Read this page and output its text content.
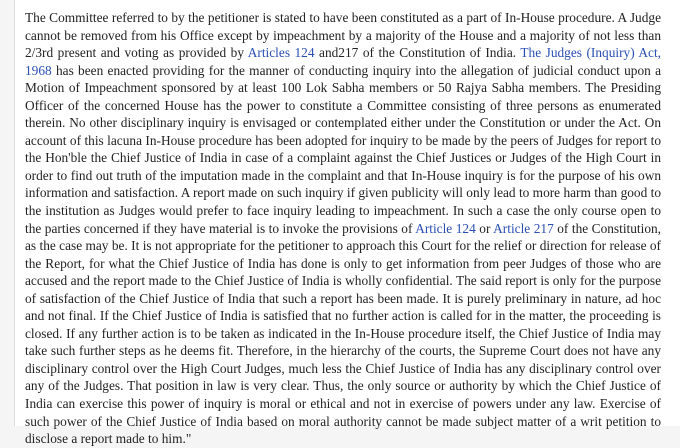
The Committee referred to by the petitioner is stated to have been constituted as a part of In-House procedure. A Judge cannot be removed from his Office except by impeachment by a majority of the House and a majority of not less than 2/3rd present and voting as provided by Articles 124 and217 of the Constitution of India. The Judges (Inquiry) Act, 1968 has been enacted providing for the manner of conducting inquiry into the allegation of judicial conduct upon a Motion of Impeachment sponsored by at least 100 Lok Sabha members or 50 Rajya Sabha members. The Presiding Officer of the concerned House has the power to constitute a Committee consisting of three persons as enumerated therein. No other disciplinary inquiry is envisaged or contemplated either under the Constitution or under the Act. On account of this lacuna In-House procedure has been adopted for inquiry to be made by the peers of Judges for report to the Hon'ble the Chief Justice of India in case of a complaint against the Chief Justices or Judges of the High Court in order to find out truth of the imputation made in the complaint and that In-House inquiry is for the purpose of his own information and satisfaction. A report made on such inquiry if given publicity will only lead to more harm than good to the institution as Judges would prefer to face inquiry leading to impeachment. In such a case the only course open to the parties concerned if they have material is to invoke the provisions of Article 124 or Article 217 of the Constitution, as the case may be. It is not appropriate for the petitioner to approach this Court for the relief or direction for release of the Report, for what the Chief Justice of India has done is only to get information from peer Judges of those who are accused and the report made to the Chief Justice of India is wholly confidential. The said report is only for the purpose of satisfaction of the Chief Justice of India that such a report has been made. It is purely preliminary in nature, ad hoc and not final. If the Chief Justice of India is satisfied that no further action is called for in the matter, the proceeding is closed. If any further action is to be taken as indicated in the In-House procedure itself, the Chief Justice of India may take such further steps as he deems fit. Therefore, in the hierarchy of the courts, the Supreme Court does not have any disciplinary control over the High Court Judges, much less the Chief Justice of India has any disciplinary control over any of the Judges. That position in law is very clear. Thus, the only source or authority by which the Chief Justice of India can exercise this power of inquiry is moral or ethical and not in exercise of powers under any law. Exercise of such power of the Chief Justice of India based on moral authority cannot be made subject matter of a writ petition to disclose a report made to him."
